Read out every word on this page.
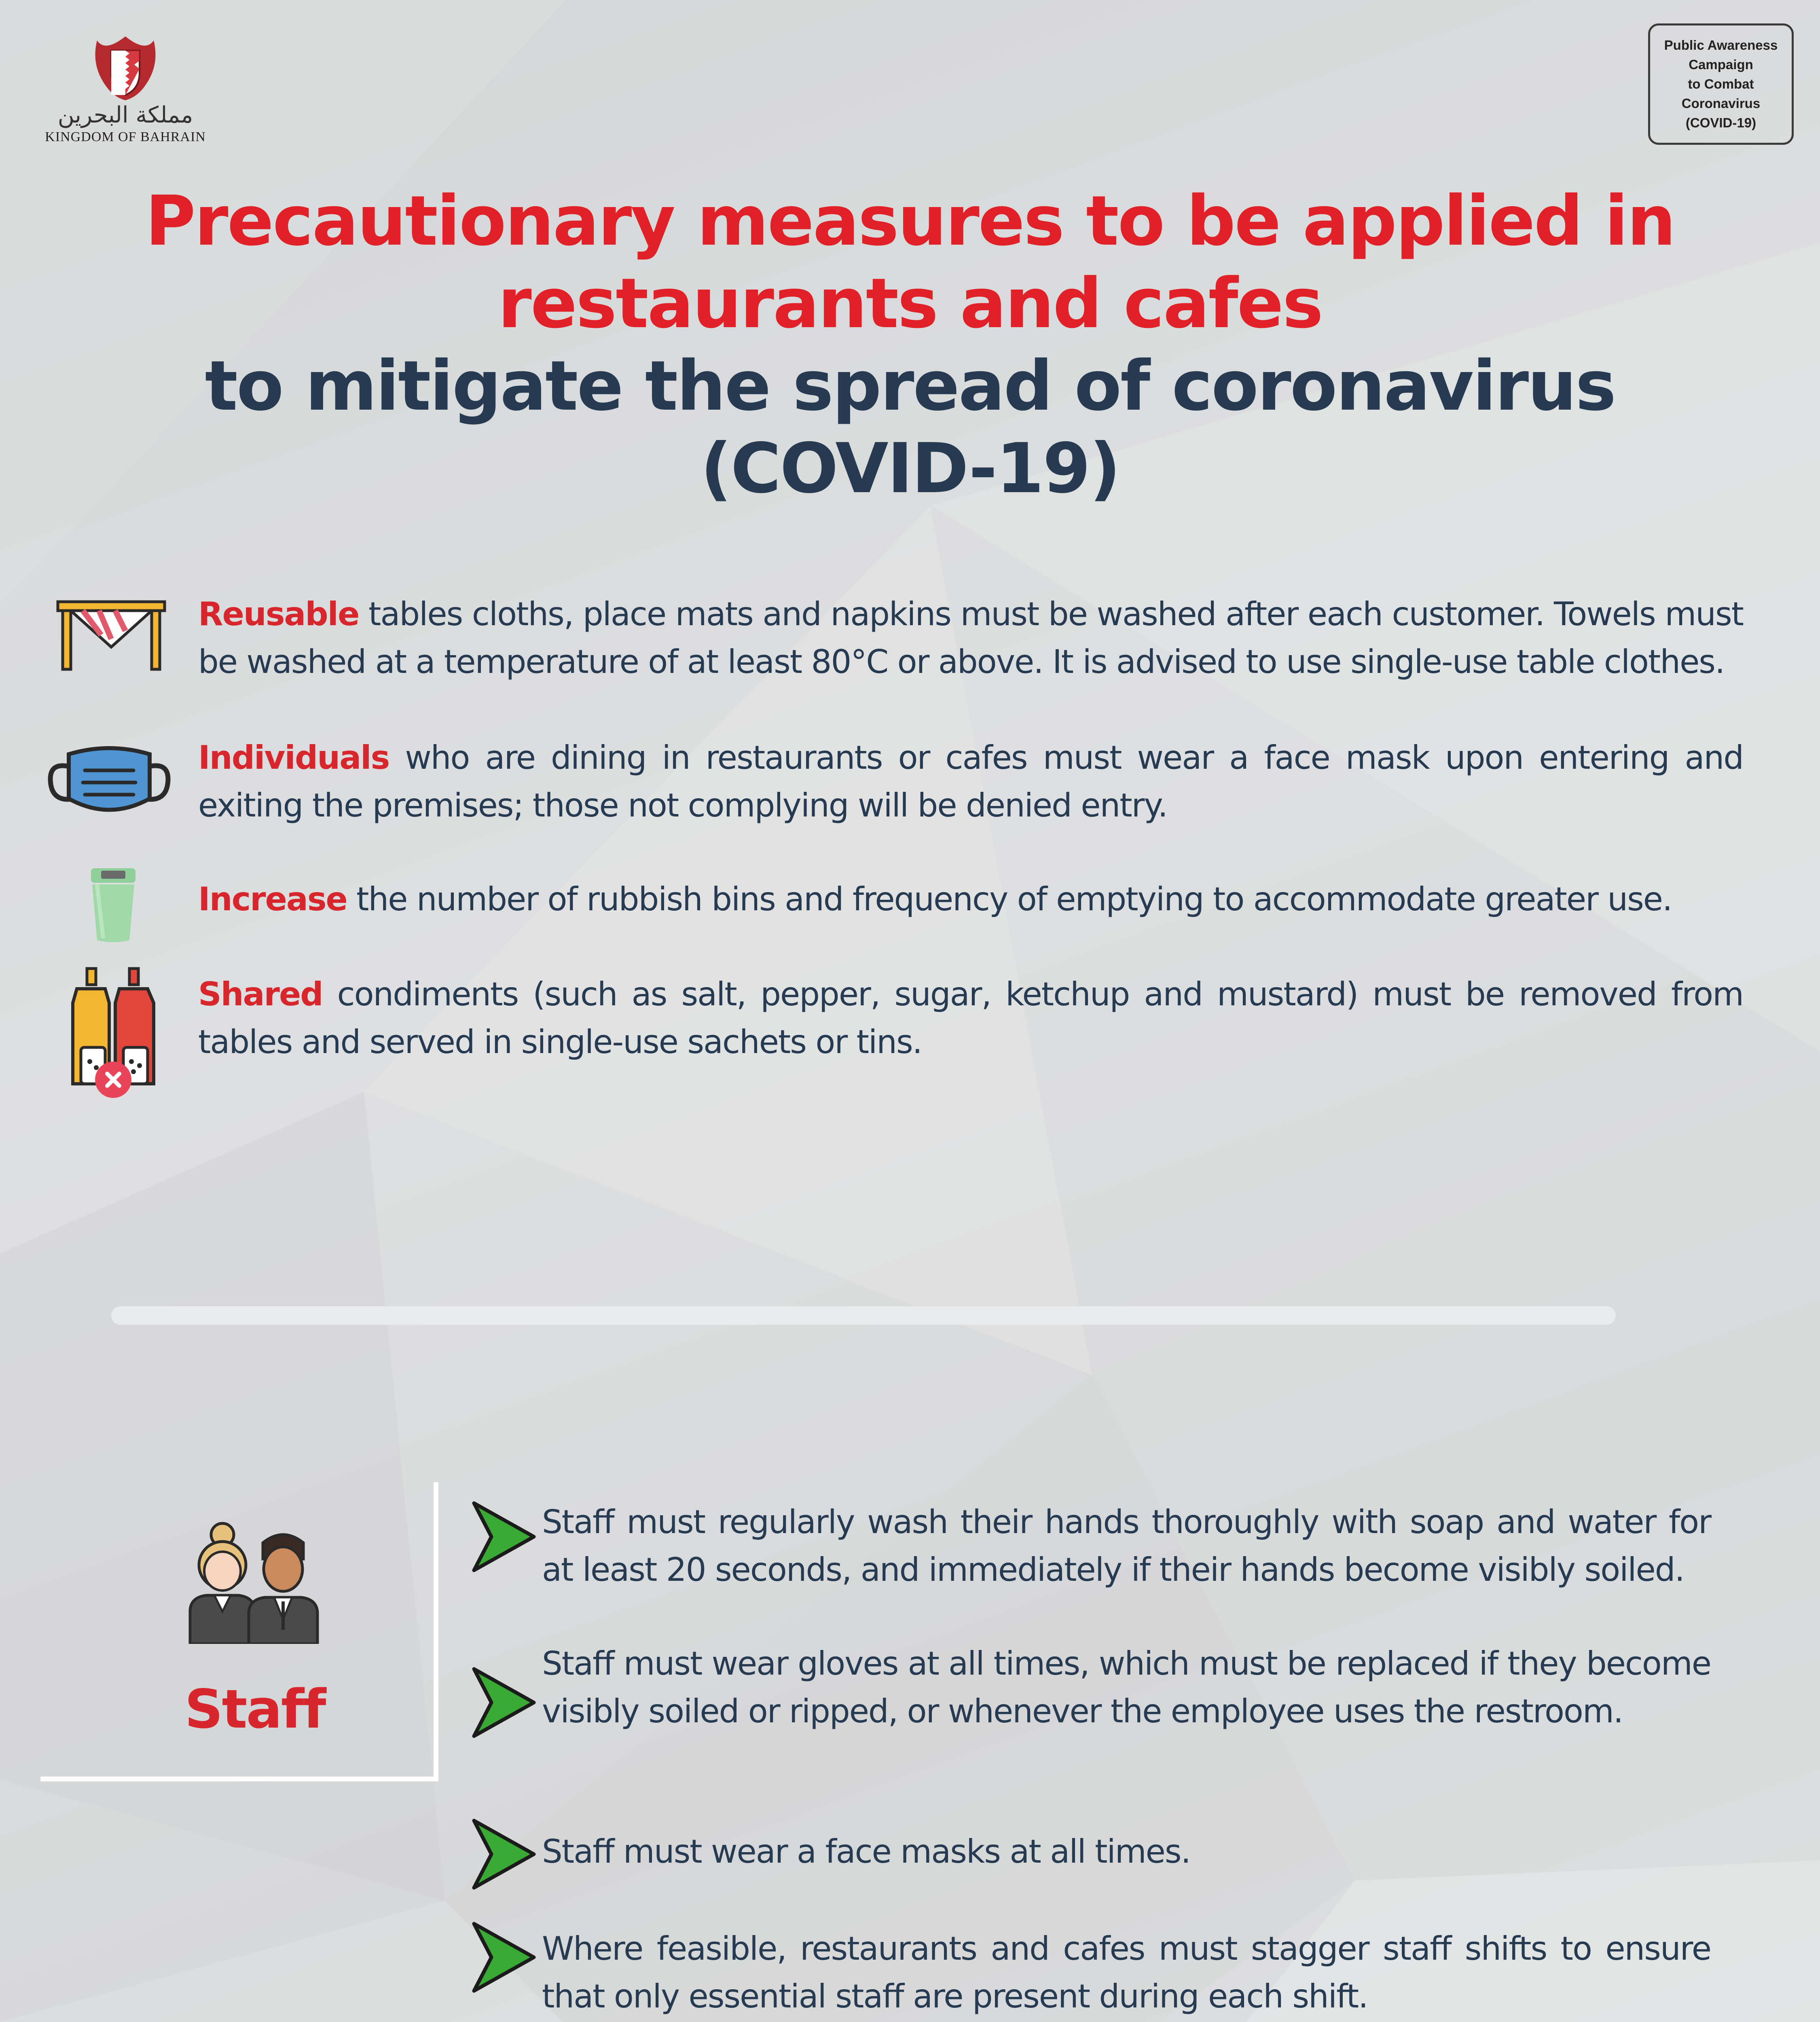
مملكة البحرين
KINGDOM OF BAHRAIN
Public Awareness
Campaign
to Combat
Coronavirus
(COVID-19)
Precautionary measures to be applied in
restaurants and cafes
to mitigate the spread of coronavirus
(COVID-19)
Reusable tables cloths, place mats and napkins must be washed after each customer. Towels must be washed at a temperature of at least 80°C or above. It is advised to use single-use table clothes.
Individuals who are dining in restaurants or cafes must wear a face mask upon entering and exiting the premises; those not complying will be denied entry.
Increase the number of rubbish bins and frequency of emptying to accommodate greater use.
Shared condiments (such as salt, pepper, sugar, ketchup and mustard) must be removed from tables and served in single-use sachets or tins.
Staff
Staff must regularly wash their hands thoroughly with soap and water for at least 20 seconds, and immediately if their hands become visibly soiled.
Staff must wear gloves at all times, which must be replaced if they become visibly soiled or ripped, or whenever the employee uses the restroom.
Staff must wear a face masks at all times.
Where feasible, restaurants and cafes must stagger staff shifts to ensure that only essential staff are present during each shift.
